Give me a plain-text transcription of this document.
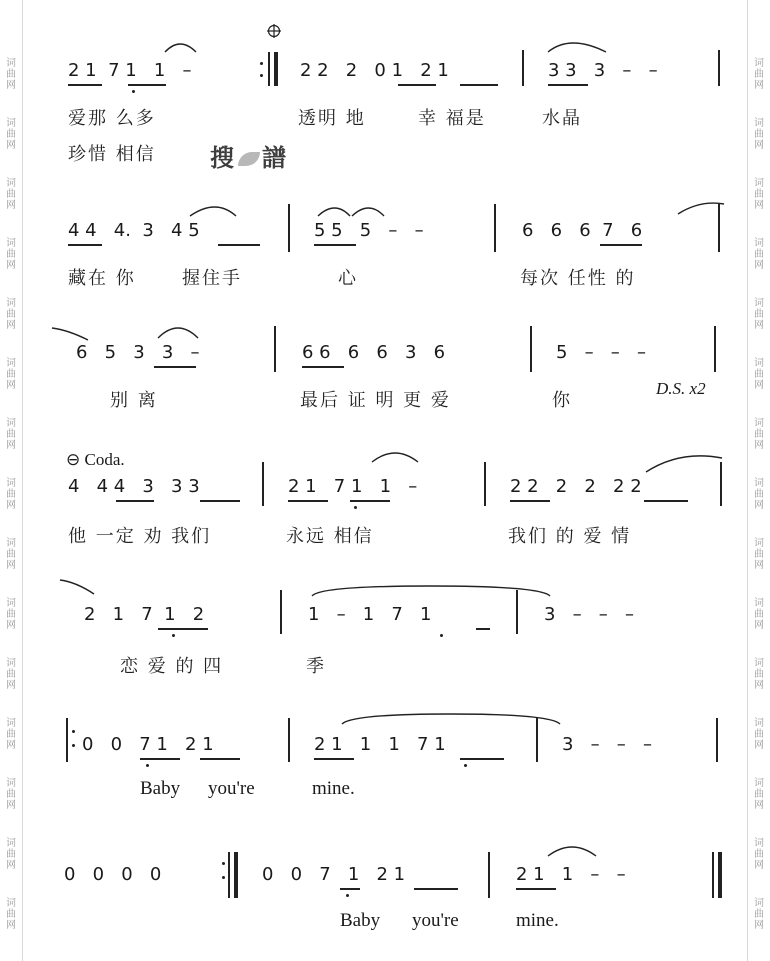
词
曲
网
词
曲
网
词
曲
网
词
曲
网
词
曲
网
词
曲
网
词
曲
网
词
曲
网
词
曲
网
词
曲
网
词
曲
网
词
曲
网
词
曲
网
词
曲
网
词
曲
网
词
曲
网
词
曲
网
词
曲
网
词
曲
网
词
曲
网
词
曲
网
词
曲
网
词
曲
网
词
曲
网
词
曲
网
词
曲
网
词
曲
网
词
曲
网
词
曲
网
词
曲
网
2 1  7 1   1   –	2 2   2   0 1   2 1	3 3   3   –   –
爱那 么多	透明 地	幸 福是	水晶
珍惜 相信 搜 譜
4 4   4.  3   4 5	5 5   5   –   –	6   6   6  7   6
藏在 你	握住手	心	每次 任性 的
6   5   3   3   –	6 6   6   6   3   6	5   –   –   –
别 离	最后 证 明 更 爱	你
D.S. x2
⊖ Coda.
4   4 4   3   3 3	2 1   7 1   1   –	2 2   2   2   2 2
他 一定 劝 我们	永远 相信	我们 的 爱 情
2   1   7  1   2	1   –   1   7   1	3   –   –   –
恋 爱 的 四	季
0   0   7 1   2 1	2 1   1   1   7 1	3   –   –   –
Baby you're	mine.
0   0   0   0	0   0   7   1   2 1	2 1   1   –   –
Baby you're	mine.
